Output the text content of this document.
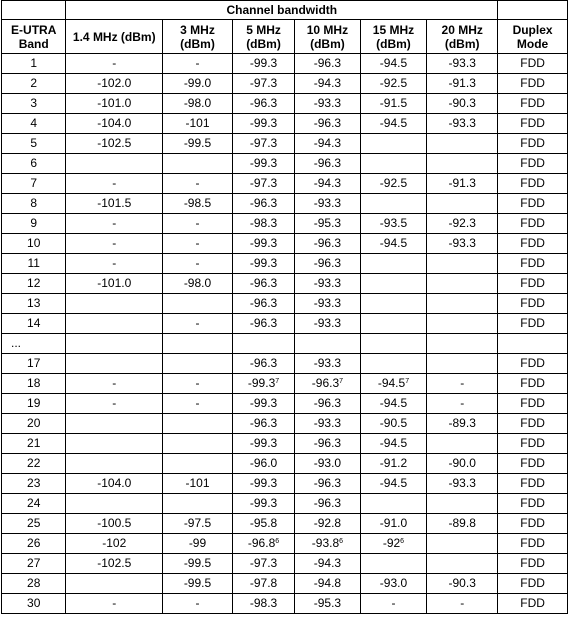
	Channel bandwidth						
E-UTRA Band	1.4 MHz (dBm)	3 MHz (dBm)	5 MHz (dBm)	10 MHz (dBm)	15 MHz (dBm)	20 MHz (dBm)	Duplex Mode
1	-	-	-99.3	-96.3	-94.5	-93.3	FDD
2	-102.0	-99.0	-97.3	-94.3	-92.5	-91.3	FDD
3	-101.0	-98.0	-96.3	-93.3	-91.5	-90.3	FDD
4	-104.0	-101	-99.3	-96.3	-94.5	-93.3	FDD
5	-102.5	-99.5	-97.3	-94.3			FDD
6			-99.3	-96.3			FDD
7	-	-	-97.3	-94.3	-92.5	-91.3	FDD
8	-101.5	-98.5	-96.3	-93.3			FDD
9	-	-	-98.3	-95.3	-93.5	-92.3	FDD
10	-	-	-99.3	-96.3	-94.5	-93.3	FDD
11	-	-	-99.3	-96.3			FDD
12	-101.0	-98.0	-96.3	-93.3			FDD
13			-96.3	-93.3			FDD
14		-	-96.3	-93.3			FDD
...							
17			-96.3	-93.3			FDD
18	-	-	-99.3$^7$	-96.3$^7$	-94.5$^7$	-	FDD
19	-	-	-99.3	-96.3	-94.5	-	FDD
20			-96.3	-93.3	-90.5	-89.3	FDD
21			-99.3	-96.3	-94.5		FDD
22			-96.0	-93.0	-91.2	-90.0	FDD
23	-104.0	-101	-99.3	-96.3	-94.5	-93.3	FDD
24			-99.3	-96.3			FDD
25	-100.5	-97.5	-95.8	-92.8	-91.0	-89.8	FDD
26	-102	-99	-96.8$^6$	-93.8$^6$	$-92^6$		FDD
27	-102.5	-99.5	-97.3	-94.3			FDD
28		-99.5	-97.8	-94.8	-93.0	-90.3	FDD
30	-	-	-98.3	-95.3	-	-	FDD
